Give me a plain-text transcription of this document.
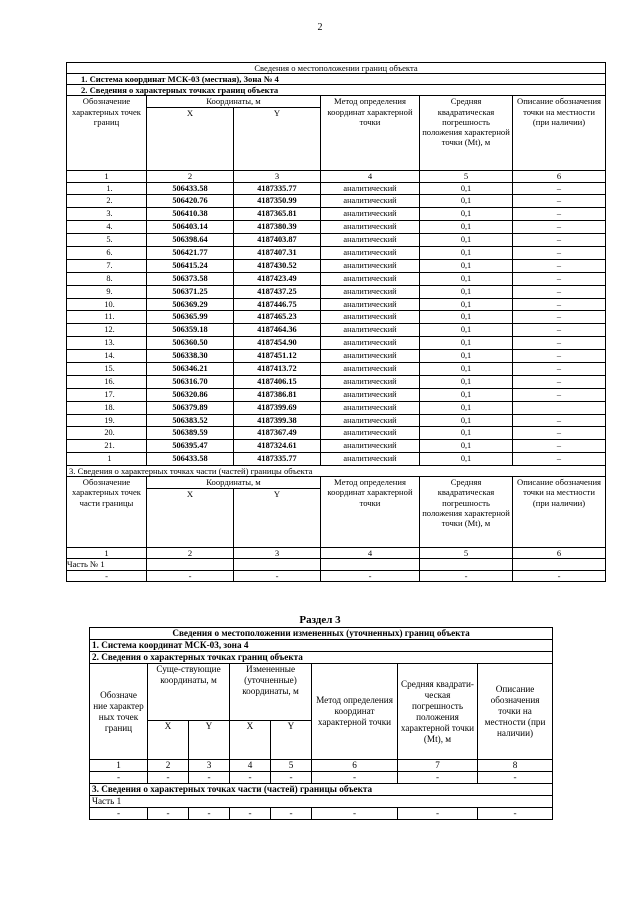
2
Сведения о местоположении границ объекта					
1. Система координат МСК-03 (местная), Зона № 4					
2. Сведения о характерных точках границ объекта					
Обозначение характерных точек границ	Координаты, м		Метод определения координат характерной точки	Средняя квадратическая погрешность положения характерной точки (Mt), м	Описание обозначения точки на местности (при наличии)
	X	Y			
1	2	3	4	5	6
1.	506433.58	4187335.77	аналитический	0,1	–
2.	506420.76	4187350.99	аналитический	0,1	–
3.	506410.38	4187365.81	аналитический	0,1	–
4.	506403.14	4187380.39	аналитический	0,1	–
5.	506398.64	4187403.87	аналитический	0,1	–
6.	506421.77	4187407.31	аналитический	0,1	–
7.	506415.24	4187430.52	аналитический	0,1	–
8.	506373.58	4187423.49	аналитический	0,1	–
9.	506371.25	4187437.25	аналитический	0,1	–
10.	506369.29	4187446.75	аналитический	0,1	–
11.	506365.99	4187465.23	аналитический	0,1	–
12.	506359.18	4187464.36	аналитический	0,1	–
13.	506360.50	4187454.90	аналитический	0,1	–
14.	506338.30	4187451.12	аналитический	0,1	–
15.	506346.21	4187413.72	аналитический	0,1	–
16.	506316.70	4187406.15	аналитический	0,1	–
17.	506320.86	4187386.81	аналитический	0,1	–
18.	506379.89	4187399.69	аналитический	0,1	
19.	506383.52	4187399.38	аналитический	0,1	–
20.	506389.59	4187367.49	аналитический	0,1	–
21.	506395.47	4187324.61	аналитический	0,1	–
1	506433.58	4187335.77	аналитический	0,1	–
3. Сведения о характерных точках части (частей) границы объекта					
Обозначение характерных точек части границы	Координаты, м		Метод определения координат характерной точки	Средняя квадратическая погрешность положения характерной точки (Mt), м	Описание обозначения точки на местности (при наличии)
	X	Y			
1	2	3	4	5	6
Часть № 1					
-	-	-	-	-	-
Раздел 3
Сведения о местоположении измененных (уточненных) границ объекта							
1. Система координат МСК-03, зона 4							
2. Сведения о характерных точках границ объекта							
Обозначе ние характер ных точек границ	Суще-ствующие координаты, м		Измененные (уточненные) координаты, м		Метод определения координат характерной точки	Средняя квадрати-ческая погрешность положения характерной точки (Mt), м	Описание обозначения точки на местности (при наличии)
	X	Y	X	Y			
1	2	3	4	5	6	7	8
-	-	-	-	-	-	-	-
3. Сведения о характерных точках части (частей) границы объекта							
Часть 1							
-	-	-	-	-	-	-	-
